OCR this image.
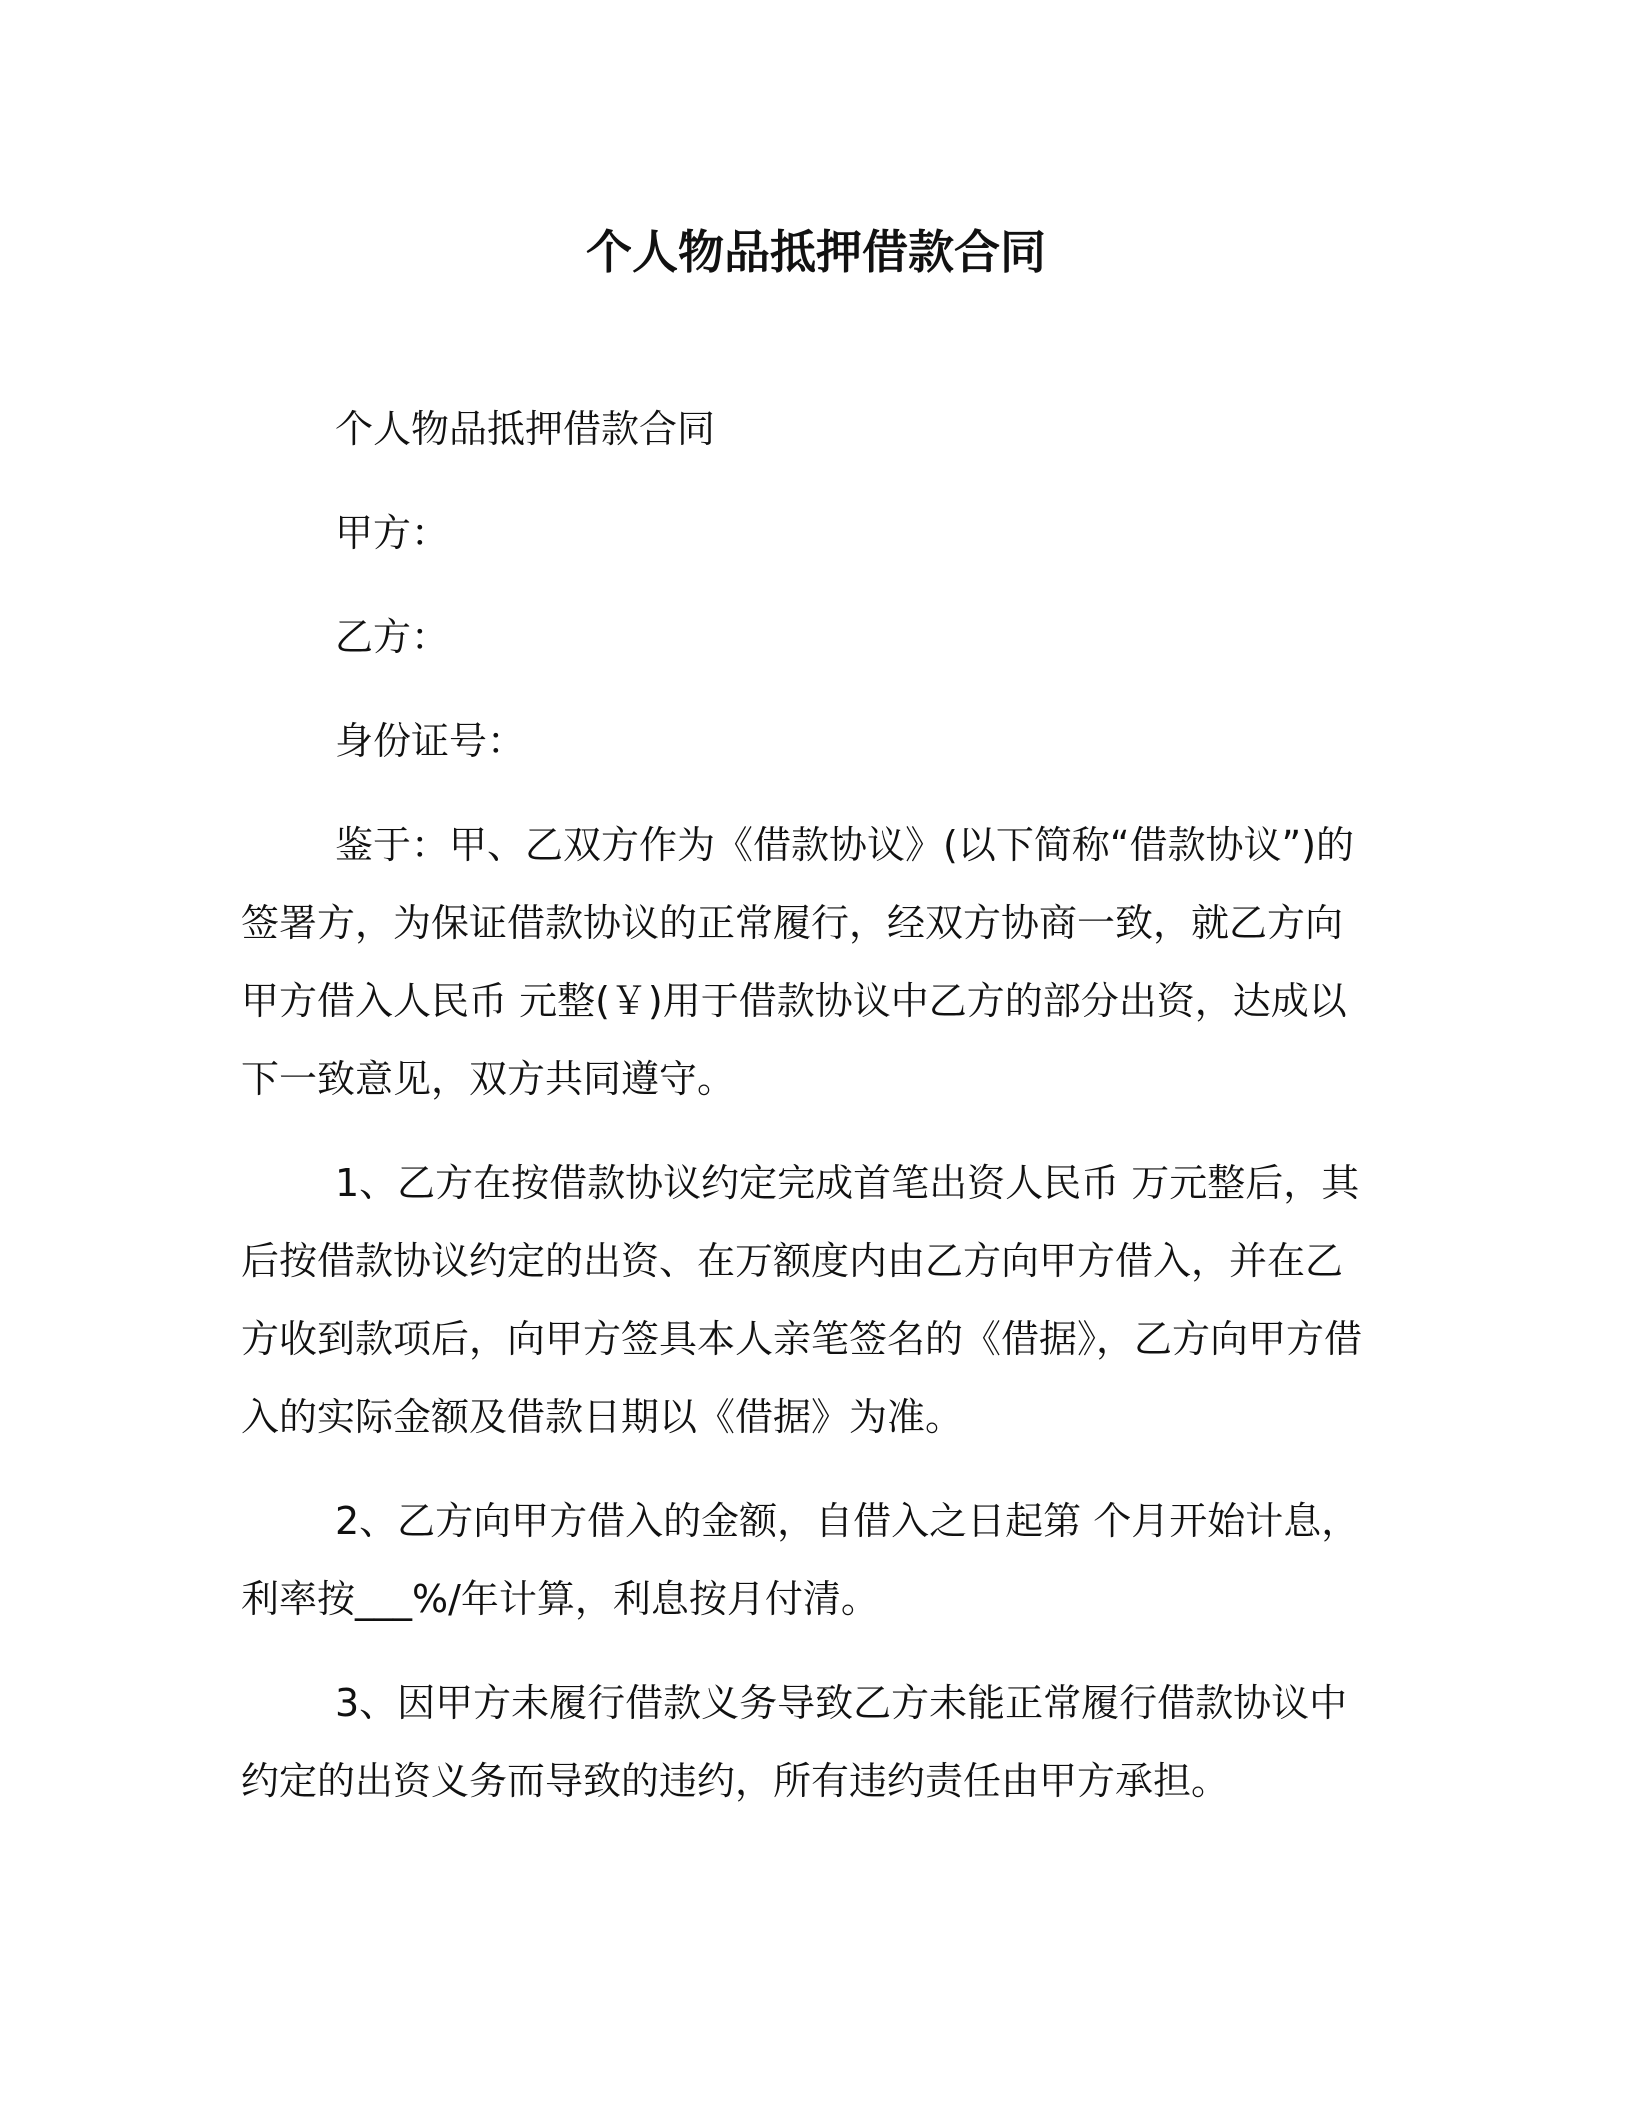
个人物品抵押借款合同

个人物品抵押借款合同

甲方：

乙方：

身份证号：

鉴于：甲、乙双方作为《借款协议》(以下简称“借款协议”)的签署方，为保证借款协议的正常履行，经双方协商一致，就乙方向甲方借入人民币 元整(￥)用于借款协议中乙方的部分出资，达成以下一致意见，双方共同遵守。

1、乙方在按借款协议约定完成首笔出资人民币 万元整后，其后按借款协议约定的出资、在万额度内由乙方向甲方借入，并在乙方收到款项后，向甲方签具本人亲笔签名的《借据》，乙方向甲方借入的实际金额及借款日期以《借据》为准。

2、乙方向甲方借入的金额，自借入之日起第 个月开始计息，利率按___%/年计算，利息按月付清。

3、因甲方未履行借款义务导致乙方未能正常履行借款协议中约定的出资义务而导致的违约，所有违约责任由甲方承担。
